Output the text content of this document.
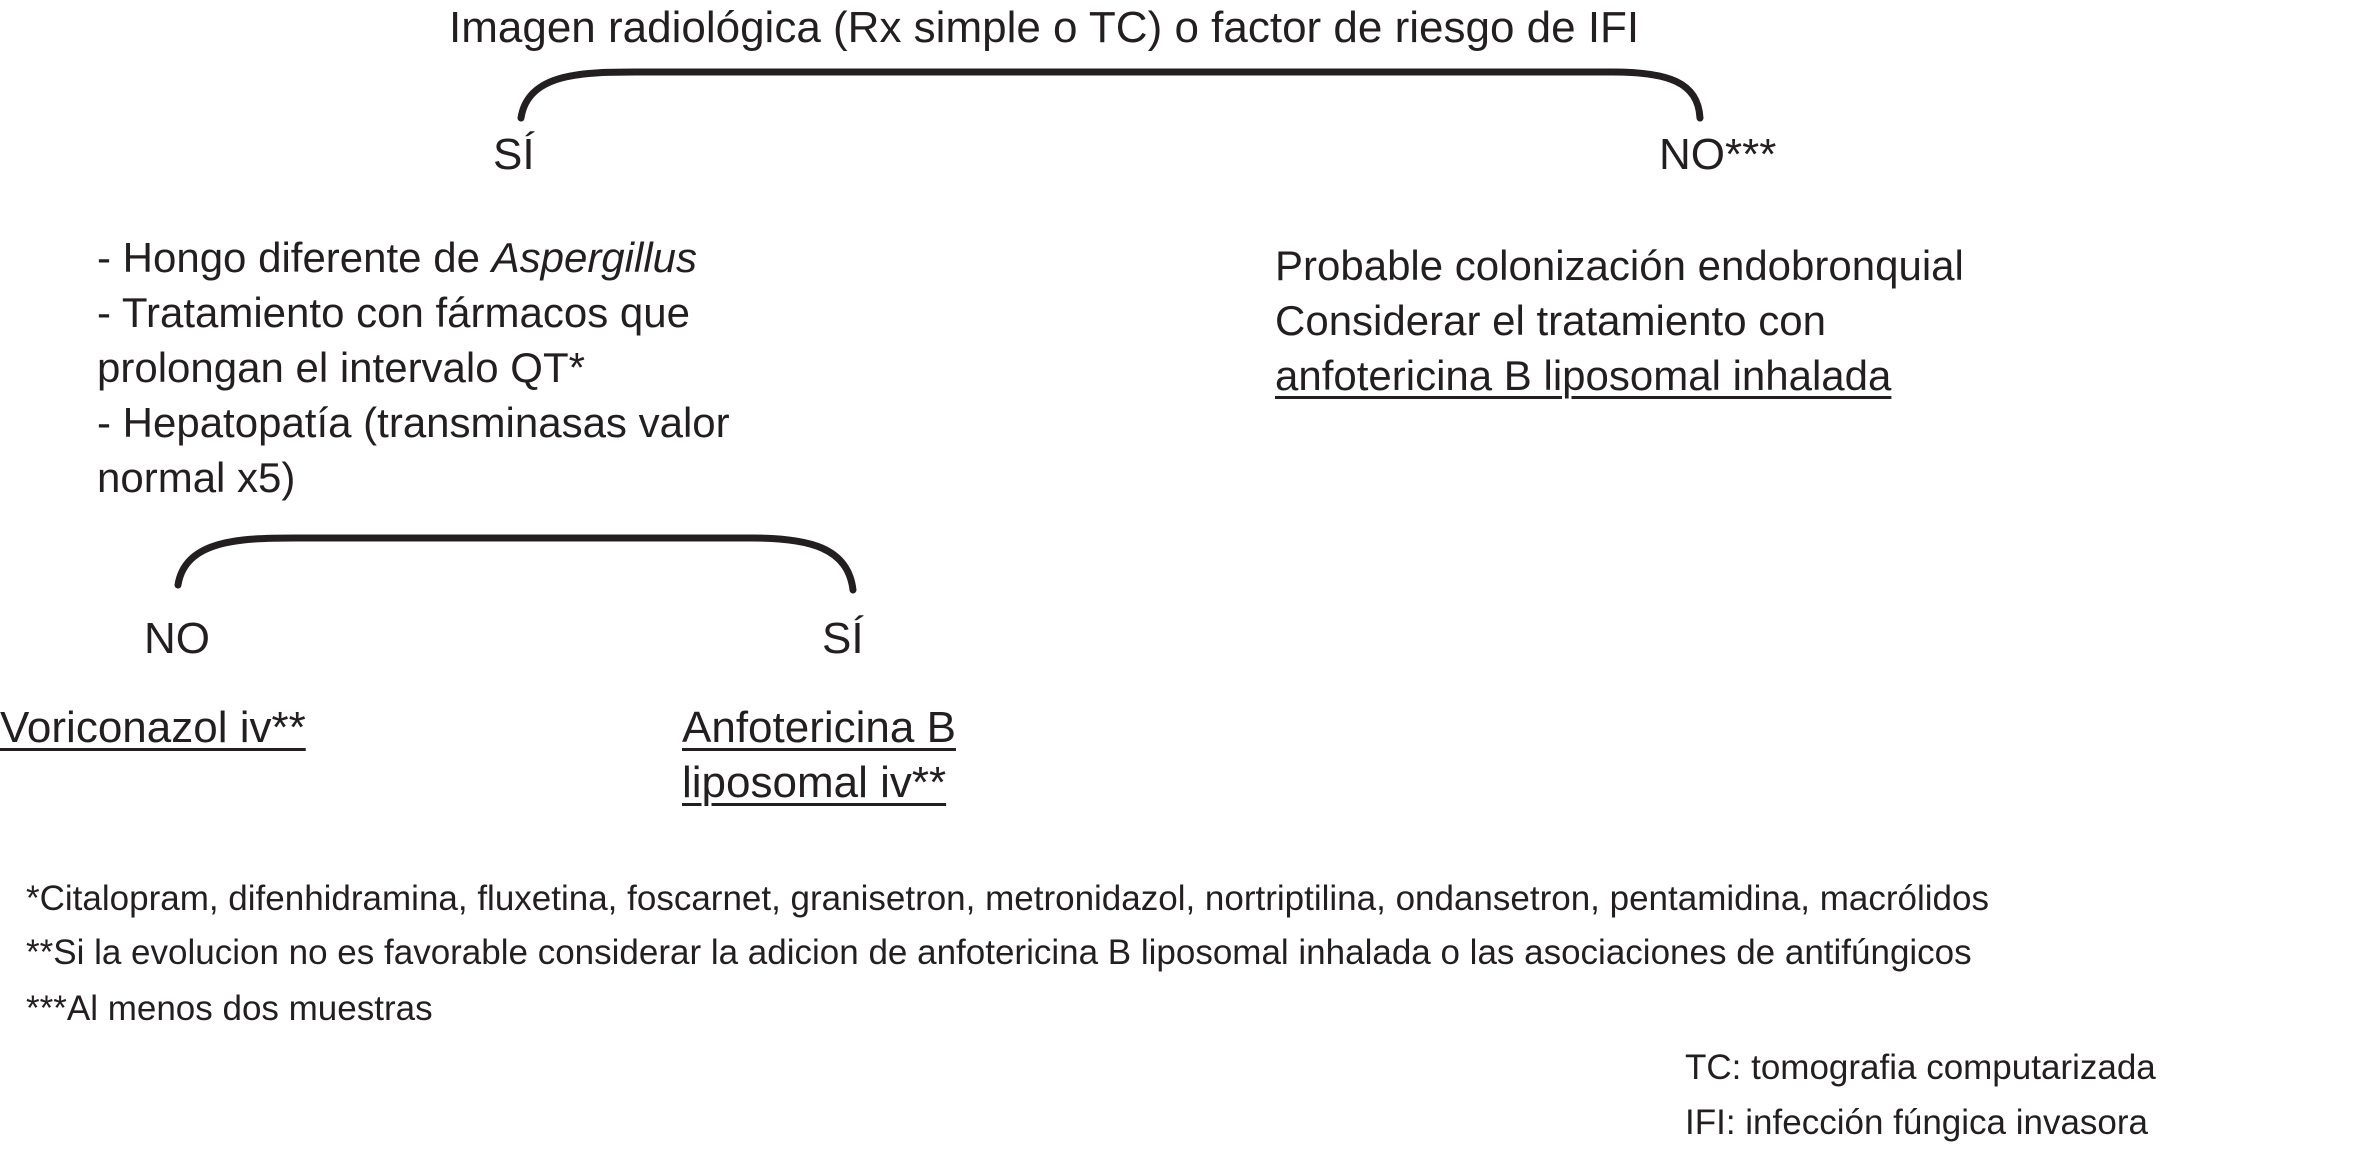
Imagen radiológica (Rx simple o TC) o factor de riesgo de IFI
SÍ	NO***
- Hongo diferente de Aspergillus
- Tratamiento con fármacos que
prolongan el intervalo QT*
- Hepatopatía (transminasas valor
normal x5)
NO	SÍ
Voriconazol iv**	Anfotericina B
liposomal iv**
Probable colonización endobronquial
Considerar el tratamiento con
anfotericina B liposomal inhalada
*Citalopram, difenhidramina, fluxetina, foscarnet, granisetron, metronidazol, nortriptilina, ondansetron, pentamidina, macrólidos
**Si la evolucion no es favorable considerar la adicion de anfotericina B liposomal inhalada o las asociaciones de antifúngicos
***Al menos dos muestras
TC: tomografia computarizada
IFI: infección fúngica invasora
